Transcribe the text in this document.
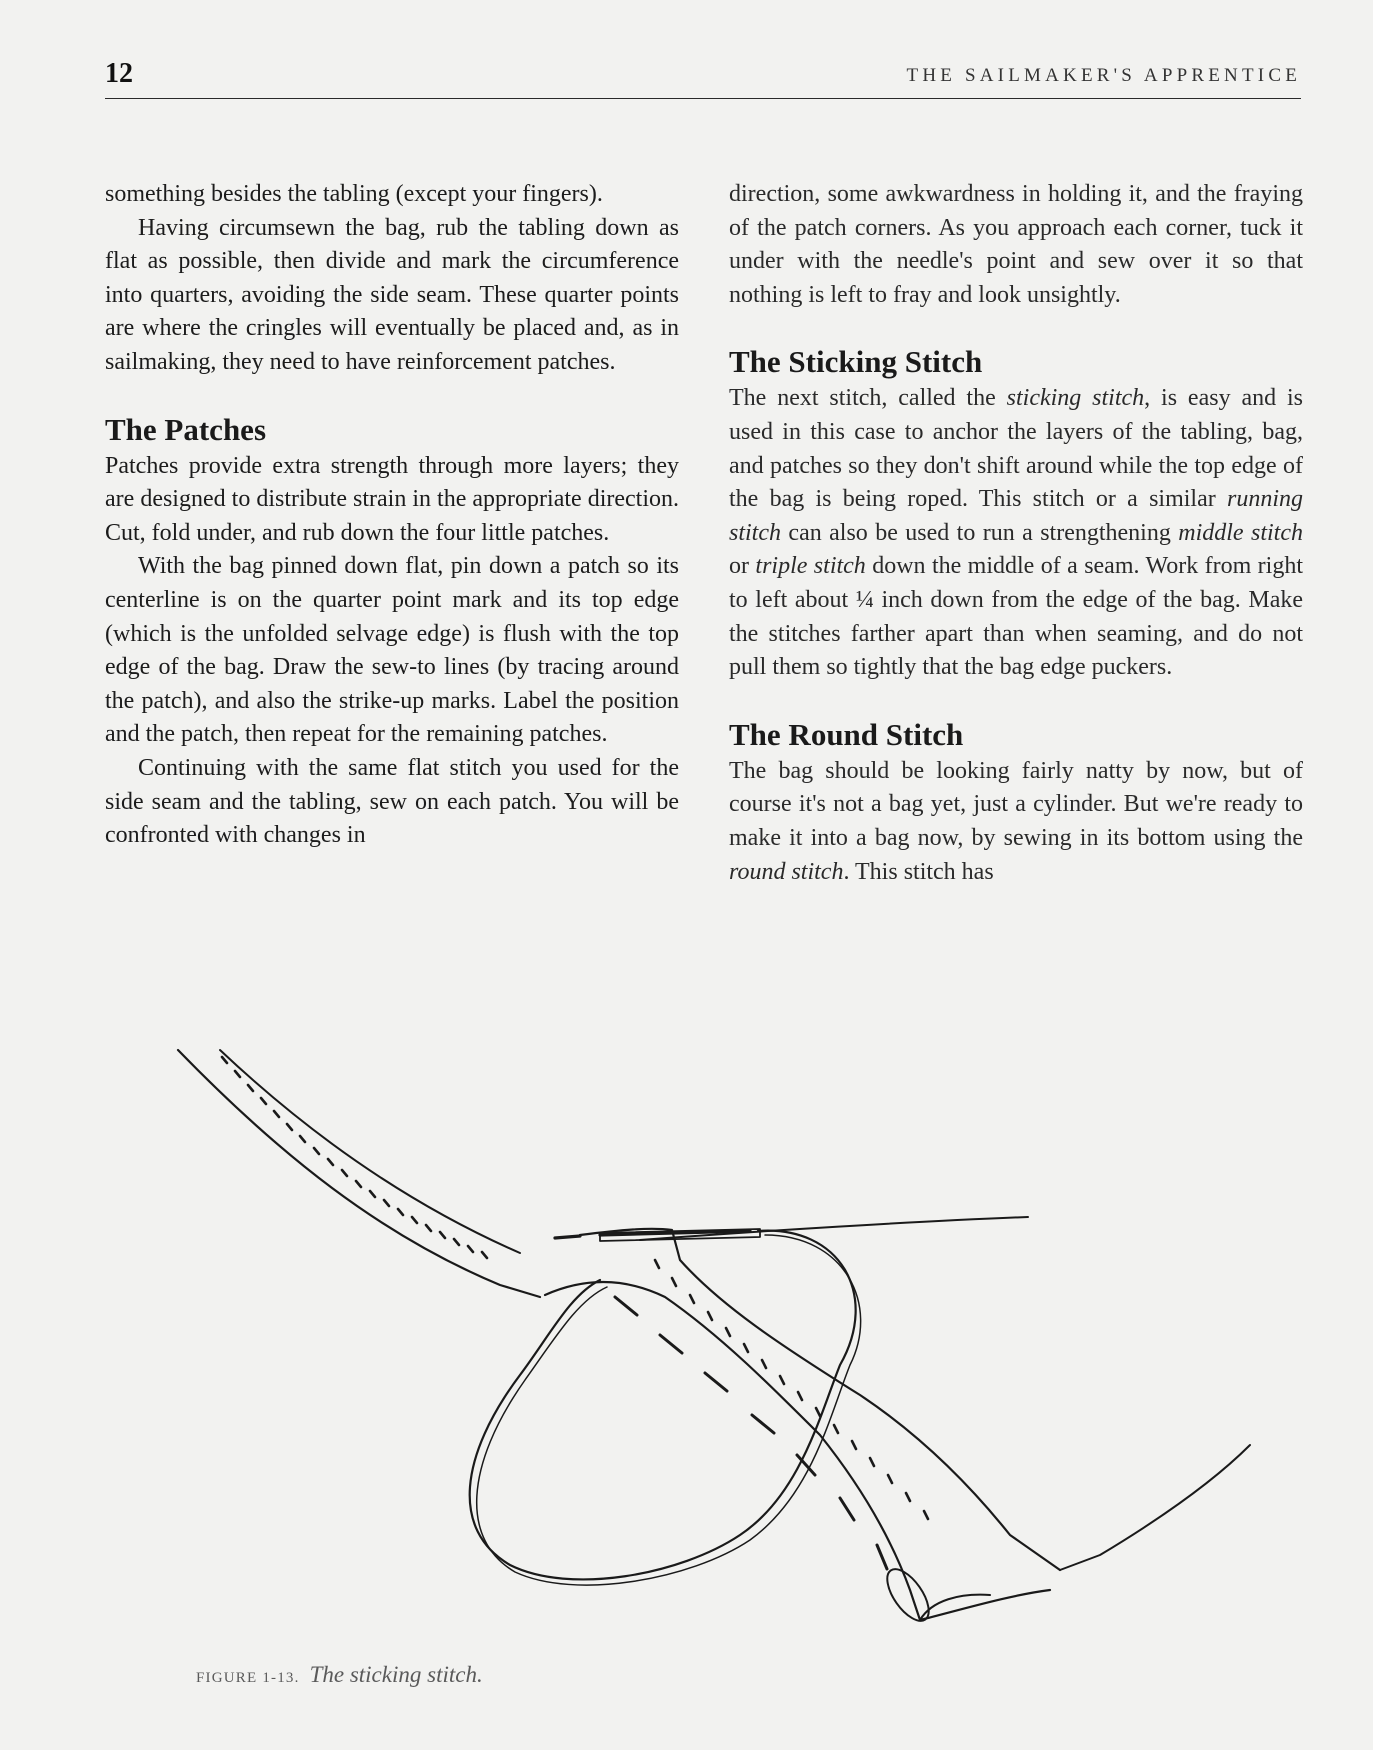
12	THE SAILMAKER'S APPRENTICE

something besides the tabling (except your fingers).

Having circumsewn the bag, rub the tabling down as flat as possible, then divide and mark the circumference into quarters, avoiding the side seam. These quarter points are where the cringles will eventually be placed and, as in sailmaking, they need to have reinforcement patches.

The Patches

Patches provide extra strength through more layers; they are designed to distribute strain in the appropriate direction. Cut, fold under, and rub down the four little patches.

With the bag pinned down flat, pin down a patch so its centerline is on the quarter point mark and its top edge (which is the unfolded selvage edge) is flush with the top edge of the bag. Draw the sew-to lines (by tracing around the patch), and also the strike-up marks. Label the position and the patch, then repeat for the remaining patches.

Continuing with the same flat stitch you used for the side seam and the tabling, sew on each patch. You will be confronted with changes in

direction, some awkwardness in holding it, and the fraying of the patch corners. As you approach each corner, tuck it under with the needle's point and sew over it so that nothing is left to fray and look unsightly.

The Sticking Stitch

The next stitch, called the sticking stitch, is easy and is used in this case to anchor the layers of the tabling, bag, and patches so they don't shift around while the top edge of the bag is being roped. This stitch or a similar running stitch can also be used to run a strengthening middle stitch or triple stitch down the middle of a seam. Work from right to left about ¼ inch down from the edge of the bag. Make the stitches farther apart than when seaming, and do not pull them so tightly that the bag edge puckers.

The Round Stitch

The bag should be looking fairly natty by now, but of course it's not a bag yet, just a cylinder. But we're ready to make it into a bag now, by sewing in its bottom using the round stitch. This stitch has

FIGURE 1-13. The sticking stitch.
